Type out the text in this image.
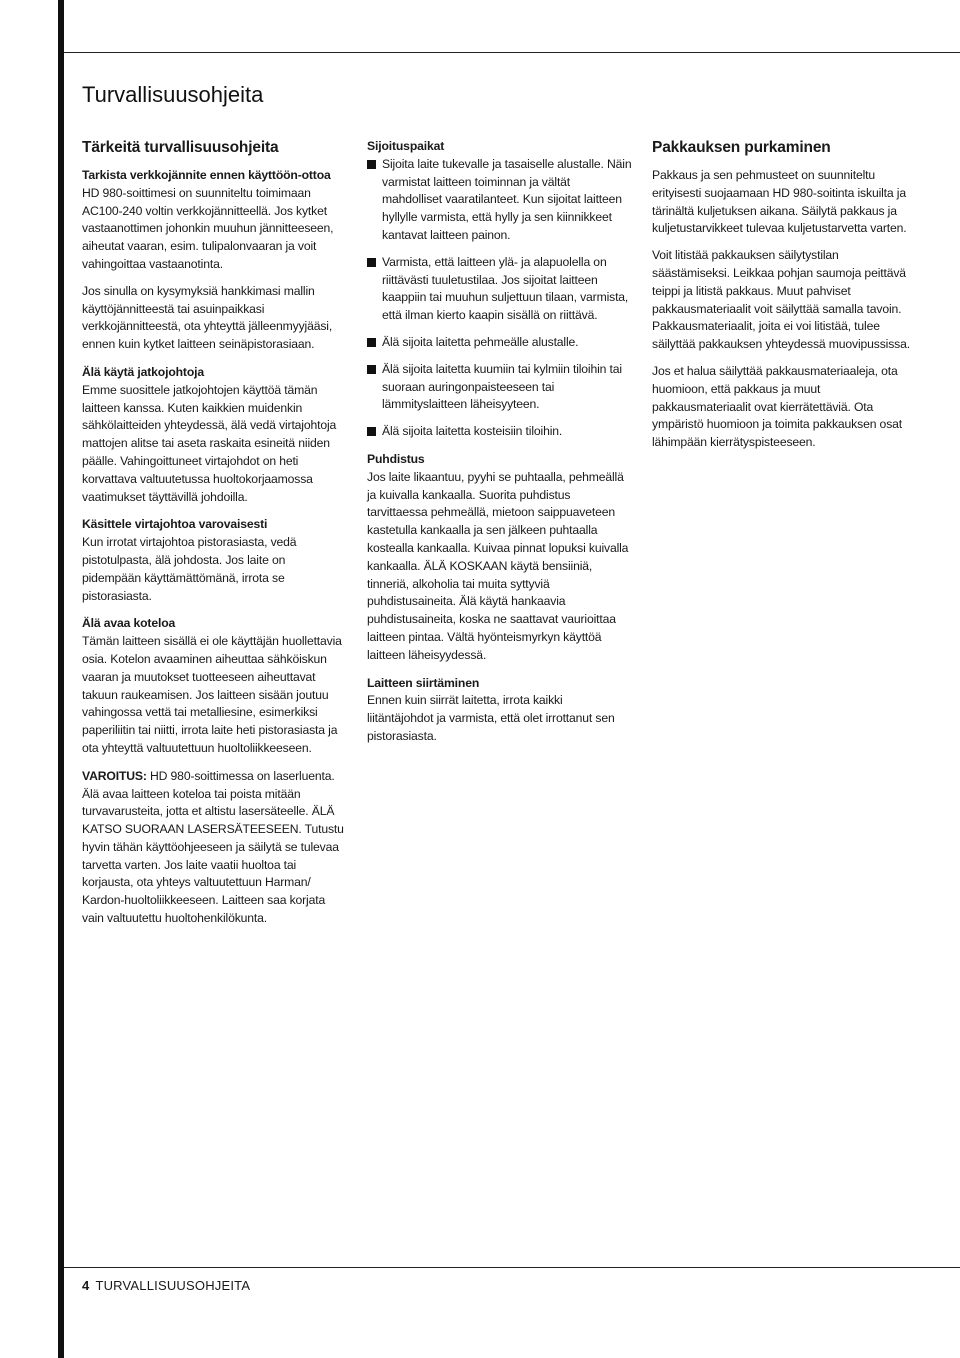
Turvallisuusohjeita
Tärkeitä turvallisuusohjeita
Tarkista verkkojännite ennen käyttöön-ottoa

HD 980-soittimesi on suunniteltu toimimaan AC100-240 voltin verkkojännitteellä. Jos kytket vastaanottimen johonkin muuhun jännitteeseen, aiheutat vaaran, esim. tulipalonvaaran ja voit vahingoittaa vastaanotinta.

Jos sinulla on kysymyksiä hankkimasi mallin käyttöjännitteestä tai asuinpaikkasi verkkojännitteestä, ota yhteyttä jälleenmyyjääsi, ennen kuin kytket laitteen seinäpistorasiaan.

Älä käytä jatkojohtoja

Emme suosittele jatkojohtojen käyttöä tämän laitteen kanssa. Kuten kaikkien muidenkin sähkölaitteiden yhteydessä, älä vedä virtajohtoja mattojen alitse tai aseta raskaita esineitä niiden päälle. Vahingoittuneet virtajohdot on heti korvattava valtuutetussa huoltokorjaamossa vaatimukset täyttävillä johdoilla.

Käsittele virtajohtoa varovaisesti

Kun irrotat virtajohtoa pistorasiasta, vedä pistotulpasta, älä johdosta. Jos laite on pidempään käyttämättömänä, irrota se pistorasiasta.

Älä avaa koteloa

Tämän laitteen sisällä ei ole käyttäjän huollettavia osia. Kotelon avaaminen aiheuttaa sähköiskun vaaran ja muutokset tuotteeseen aiheuttavat takuun raukeamisen. Jos laitteen sisään joutuu vahingossa vettä tai metalliesine, esimerkiksi paperiliitin tai niitti, irrota laite heti pistorasiasta ja ota yhteyttä valtuutettuun huoltoliikkeeseen.

VAROITUS: HD 980-soittimessa on laserluenta. Älä avaa laitteen koteloa tai poista mitään turvavarusteita, jotta et altistu lasersäteelle. ÄLÄ KATSO SUORAAN LASERSÄTEESEEN. Tutustu hyvin tähän käyttöohjeeseen ja säilytä se tulevaa tarvetta varten. Jos laite vaatii huoltoa tai korjausta, ota yhteys valtuutettuun Harman/ Kardon-huoltoliikkeeseen. Laitteen saa korjata vain valtuutettu huoltohenkilökunta.

Sijoituspaikat
Sijoita laite tukevalle ja tasaiselle alustalle. Näin varmistat laitteen toiminnan ja vältät mahdolliset vaaratilanteet. Kun sijoitat laitteen hyllylle varmista, että hylly ja sen kiinnikkeet kantavat laitteen painon.
Varmista, että laitteen ylä- ja alapuolella on riittävästi tuuletustilaa. Jos sijoitat laitteen kaappiin tai muuhun suljettuun tilaan, varmista, että ilman kierto kaapin sisällä on riittävä.
Älä sijoita laitetta pehmeälle alustalle.
Älä sijoita laitetta kuumiin tai kylmiin tiloihin tai suoraan auringonpaisteeseen tai lämmityslaitteen läheisyyteen.
Älä sijoita laitetta kosteisiin tiloihin.
Puhdistus

Jos laite likaantuu, pyyhi se puhtaalla, pehmeällä ja kuivalla kankaalla. Suorita puhdistus tarvittaessa pehmeällä, mietoon saippuaveteen kastetulla kankaalla ja sen jälkeen puhtaalla kostealla kankaalla. Kuivaa pinnat lopuksi kuivalla kankaalla. ÄLÄ KOSKAAN käytä bensiiniä, tinneriä, alkoholia tai muita syttyviä puhdistusaineita. Älä käytä hankaavia puhdistusaineita, koska ne saattavat vaurioittaa laitteen pintaa. Vältä hyönteismyrkyn käyttöä laitteen läheisyydessä.

Laitteen siirtäminen

Ennen kuin siirrät laitetta, irrota kaikki liitäntäjohdot ja varmista, että olet irrottanut sen pistorasiasta.

Pakkauksen purkaminen

Pakkaus ja sen pehmusteet on suunniteltu erityisesti suojaamaan HD 980-soitinta iskuilta ja tärinältä kuljetuksen aikana. Säilytä pakkaus ja kuljetustarvikkeet tulevaa kuljetustarvetta varten.

Voit litistää pakkauksen säilytystilan säästämiseksi. Leikkaa pohjan saumoja peittävä teippi ja litistä pakkaus. Muut pahviset pakkausmateriaalit voit säilyttää samalla tavoin. Pakkausmateriaalit, joita ei voi litistää, tulee säilyttää pakkauksen yhteydessä muovipussissa.

Jos et halua säilyttää pakkausmateriaaleja, ota huomioon, että pakkaus ja muut pakkausmateriaalit ovat kierrätettäviä. Ota ympäristö huomioon ja toimita pakkauksen osat lähimpään kierrätyspisteeseen.

4 TURVALLISUUSOHJEITA
